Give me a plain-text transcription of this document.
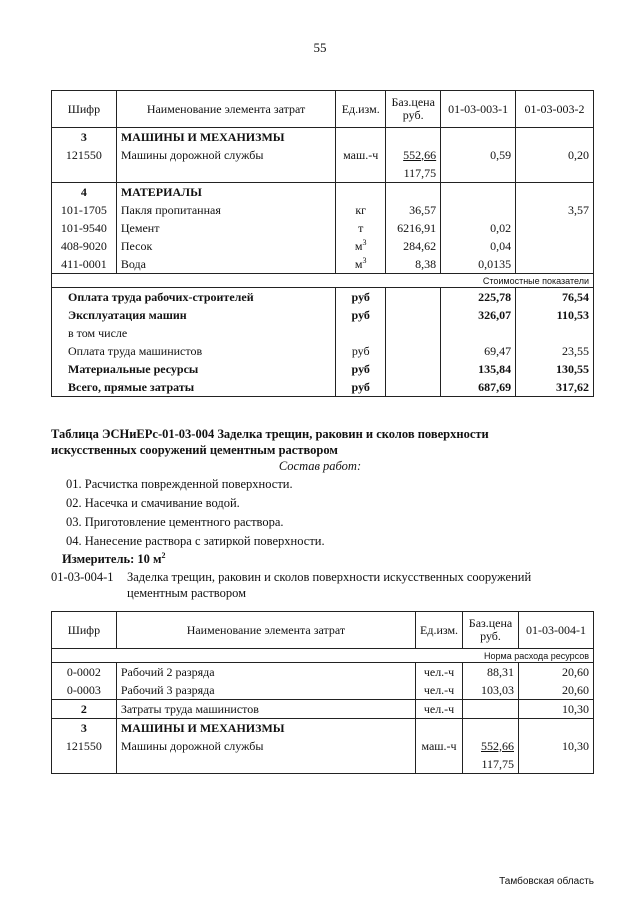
55
Шифр	Наименование элемента затрат	Ед.изм.	Баз.цена руб.	01-03-003-1	01-03-003-2
3	МАШИНЫ И МЕХАНИЗМЫ				
121550	Машины дорожной службы	маш.-ч	552,66	0,59	0,20
			117,75		
4	МАТЕРИАЛЫ				
101-1705	Пакля пропитанная	кг	36,57		3,57
101-9540	Цемент	т	6216,91	0,02	
408-9020	Песок	$м^3$	284,62	0,04	
411-0001	Вода	$м^3$	8,38	0,0135	
Стоимостные показатели					
Оплата труда рабочих-строителей		руб		225,78	76,54
Эксплуатация машин		руб		326,07	110,53
в том числе					
Оплата труда машинистов		руб		69,47	23,55
Материальные ресурсы		руб		135,84	130,55
Всего, прямые затраты		руб		687,69	317,62
Таблица ЭСНиЕРс-01-03-004 Заделка трещин, раковин и сколов поверхности
искусственных сооружений цементным раствором
Состав работ:
01. Расчистка поврежденной поверхности.
02. Насечка и смачивание водой.
03. Приготовление цементного раствора.
04. Нанесение раствора с затиркой поверхности.
Измеритель: 10 $м^2$
01-03-004-1 Заделка трещин, раковин и сколов поверхности искусственных сооружений
цементным раствором
Шифр	Наименование элемента затрат	Ед.изм.	Баз.цена руб.	01-03-004-1
Норма расхода ресурсов				
0-0002	Рабочий 2 разряда	чел.-ч	88,31	20,60
0-0003	Рабочий 3 разряда	чел.-ч	103,03	20,60
2	Затраты труда машинистов	чел.-ч		10,30
3	МАШИНЫ И МЕХАНИЗМЫ			
121550	Машины дорожной службы	маш.-ч	552,66	10,30
			117,75	
Тамбовская область
